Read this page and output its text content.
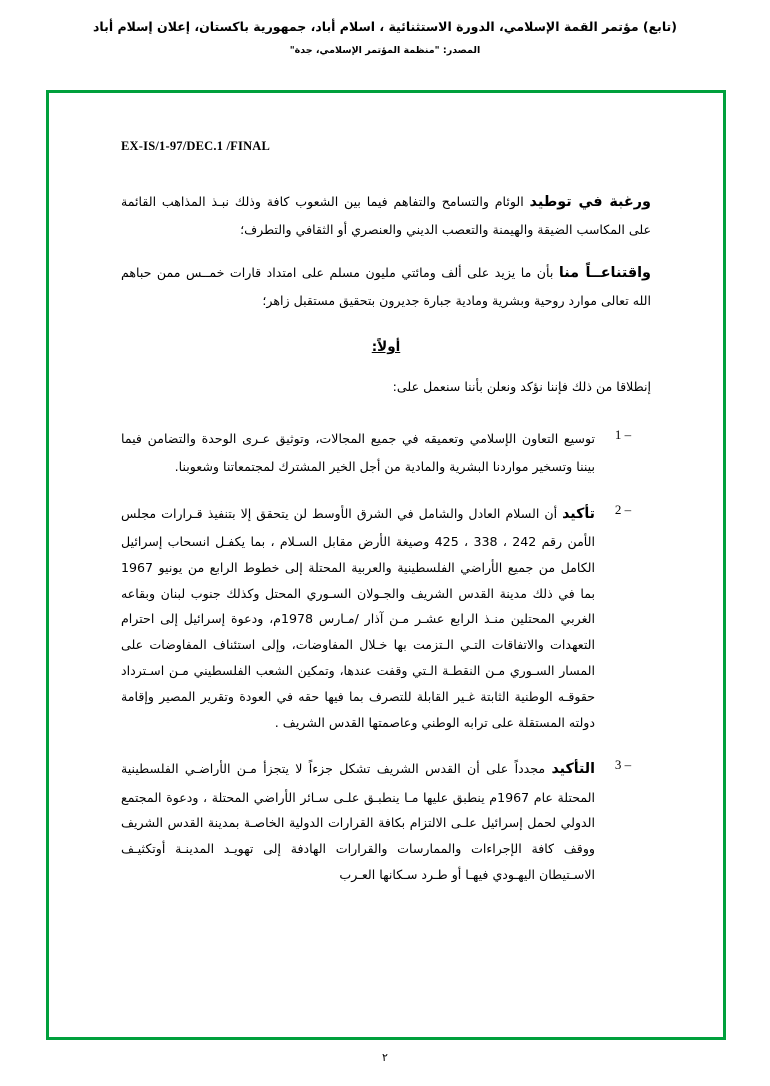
(تابع) مؤتمر القمة الإسلامي، الدورة الاستثنائية ، اسلام أباد، جمهورية باكستان، إعلان إسلام أباد
المصدر: "منظمة المؤتمر الإسلامي، جدة"
EX-IS/1-97/DEC.1 /FINAL
ورغبة في توطيد الوئام والتسامح والتفاهم فيما بين الشعوب كافة وذلك نبـذ المذاهب القائمة على المكاسب الضيقة والهيمنة والتعصب الديني والعنصري أو الثقافي والتطرف؛
واقتناعــاً منا بأن ما يزيد على ألف ومائتي مليون مسلم على امتداد قارات خمــس ممن حباهم الله تعالى موارد روحية وبشرية ومادية جبارة جديرون بتحقيق مستقبل زاهر؛
أولاً:
إنطلاقا من ذلك فإننا نؤكد ونعلن بأننا سنعمل على:
1 –
توسيع التعاون الإسلامي وتعميقه في جميع المجالات، وتوثيق عـرى الوحدة والتضامن فيما بيننا وتسخير مواردنا البشرية والمادية من أجل الخير المشترك لمجتمعاتنا وشعوبنا.
2 –
تأكيد أن السلام العادل والشامل في الشرق الأوسط لن يتحقق إلا بتنفيذ قـرارات مجلس الأمن رقم 242 ، 338 ، 425 وصيغة الأرض مقابل السـلام ، بما يكفـل انسحاب إسرائيل الكامل من جميع الأراضي الفلسطينية والعربية المحتلة إلى خطوط الرابع من يونيو 1967 بما في ذلك مدينة القدس الشريف والجـولان السـوري المحتل وكذلك جنوب لبنان وبقاعه الغربي المحتلين منـذ الرابع عشـر مـن آذار /مـارس 1978م، ودعوة إسرائيل إلى احترام التعهدات والاتفاقات التـي الـتزمت بها خـلال المفاوضات، وإلى استئناف المفاوضات على المسار السـوري مـن النقطـة الـتي وقفت عندها، وتمكين الشعب الفلسطيني مـن اسـترداد حقوقـه الوطنية الثابتة غـير القابلة للتصرف بما فيها حقه في العودة وتقرير المصير وإقامة دولته المستقلة على ترابه الوطني وعاصمتها القدس الشريف .
3 –
التأكيد مجدداً على أن القدس الشريف تشكل جزءاً لا يتجزأ مـن الأراضـي الفلسطينية المحتلة عام 1967م ينطبق عليها مـا ينطبـق علـى سـائر الأراضي المحتلة ، ودعوة المجتمع الدولي لحمل إسرائيل علـى الالتزام بكافة القرارات الدولية الخاصـة بمدينة القدس الشريف ووقف كافة الإجراءات والممارسات والقرارات الهادفة إلى تهويـد المدينـة أوتكثيـف الاسـتيطان اليهـودي فيهـا أو طـرد سـكانها العـرب
٢
